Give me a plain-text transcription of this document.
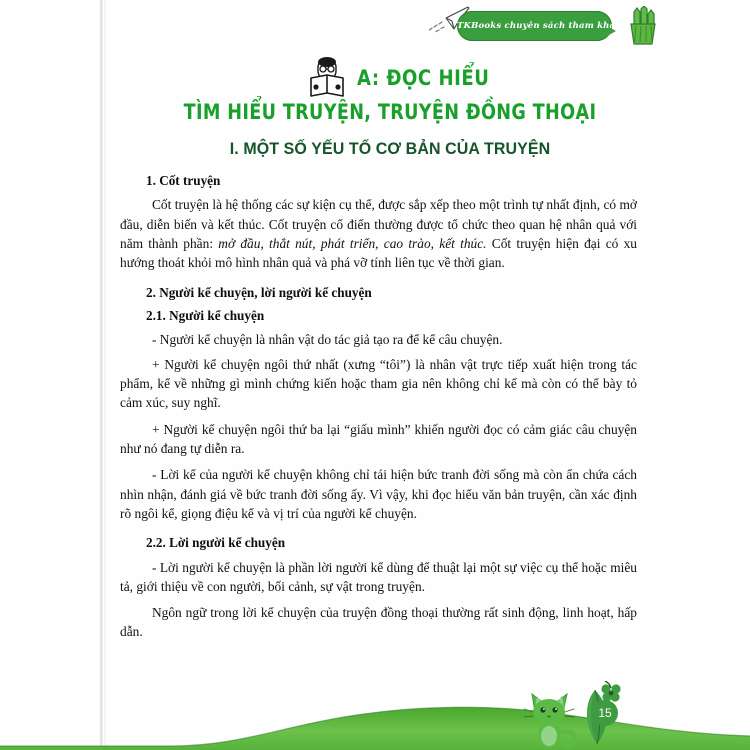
TKBooks chuyên sách tham khảo
A: ĐỌC HIỂU
TÌM HIỂU TRUYỆN, TRUYỆN ĐỒNG THOẠI
I. MỘT SỐ YẾU TỐ CƠ BẢN CỦA TRUYỆN
1. Cốt truyện

Cốt truyện là hệ thống các sự kiện cụ thể, được sắp xếp theo một trình tự nhất định, có mở đầu, diễn biến và kết thúc. Cốt truyện cổ điển thường được tổ chức theo quan hệ nhân quả với năm thành phần: mở đầu, thắt nút, phát triển, cao trào, kết thúc. Cốt truyện hiện đại có xu hướng thoát khỏi mô hình nhân quả và phá vỡ tính liên tục về thời gian.

2. Người kể chuyện, lời người kể chuyện
2.1. Người kể chuyện

- Người kể chuyện là nhân vật do tác giả tạo ra để kể câu chuyện.

+ Người kể chuyện ngôi thứ nhất (xưng “tôi”) là nhân vật trực tiếp xuất hiện trong tác phẩm, kể về những gì mình chứng kiến hoặc tham gia nên không chỉ kể mà còn có thể bày tỏ cảm xúc, suy nghĩ.

+ Người kể chuyện ngôi thứ ba lại “giấu mình” khiến người đọc có cảm giác câu chuyện như nó đang tự diễn ra.

- Lời kể của người kể chuyện không chỉ tái hiện bức tranh đời sống mà còn ẩn chứa cách nhìn nhận, đánh giá về bức tranh đời sống ấy. Vì vậy, khi đọc hiểu văn bản truyện, cần xác định rõ ngôi kể, giọng điệu kể và vị trí của người kể chuyện.

2.2. Lời người kể chuyện

- Lời người kể chuyện là phần lời người kể dùng để thuật lại một sự việc cụ thể hoặc miêu tả, giới thiệu về con người, bối cảnh, sự vật trong truyện.

Ngôn ngữ trong lời kể chuyện của truyện đồng thoại thường rất sinh động, linh hoạt, hấp dẫn.

15
